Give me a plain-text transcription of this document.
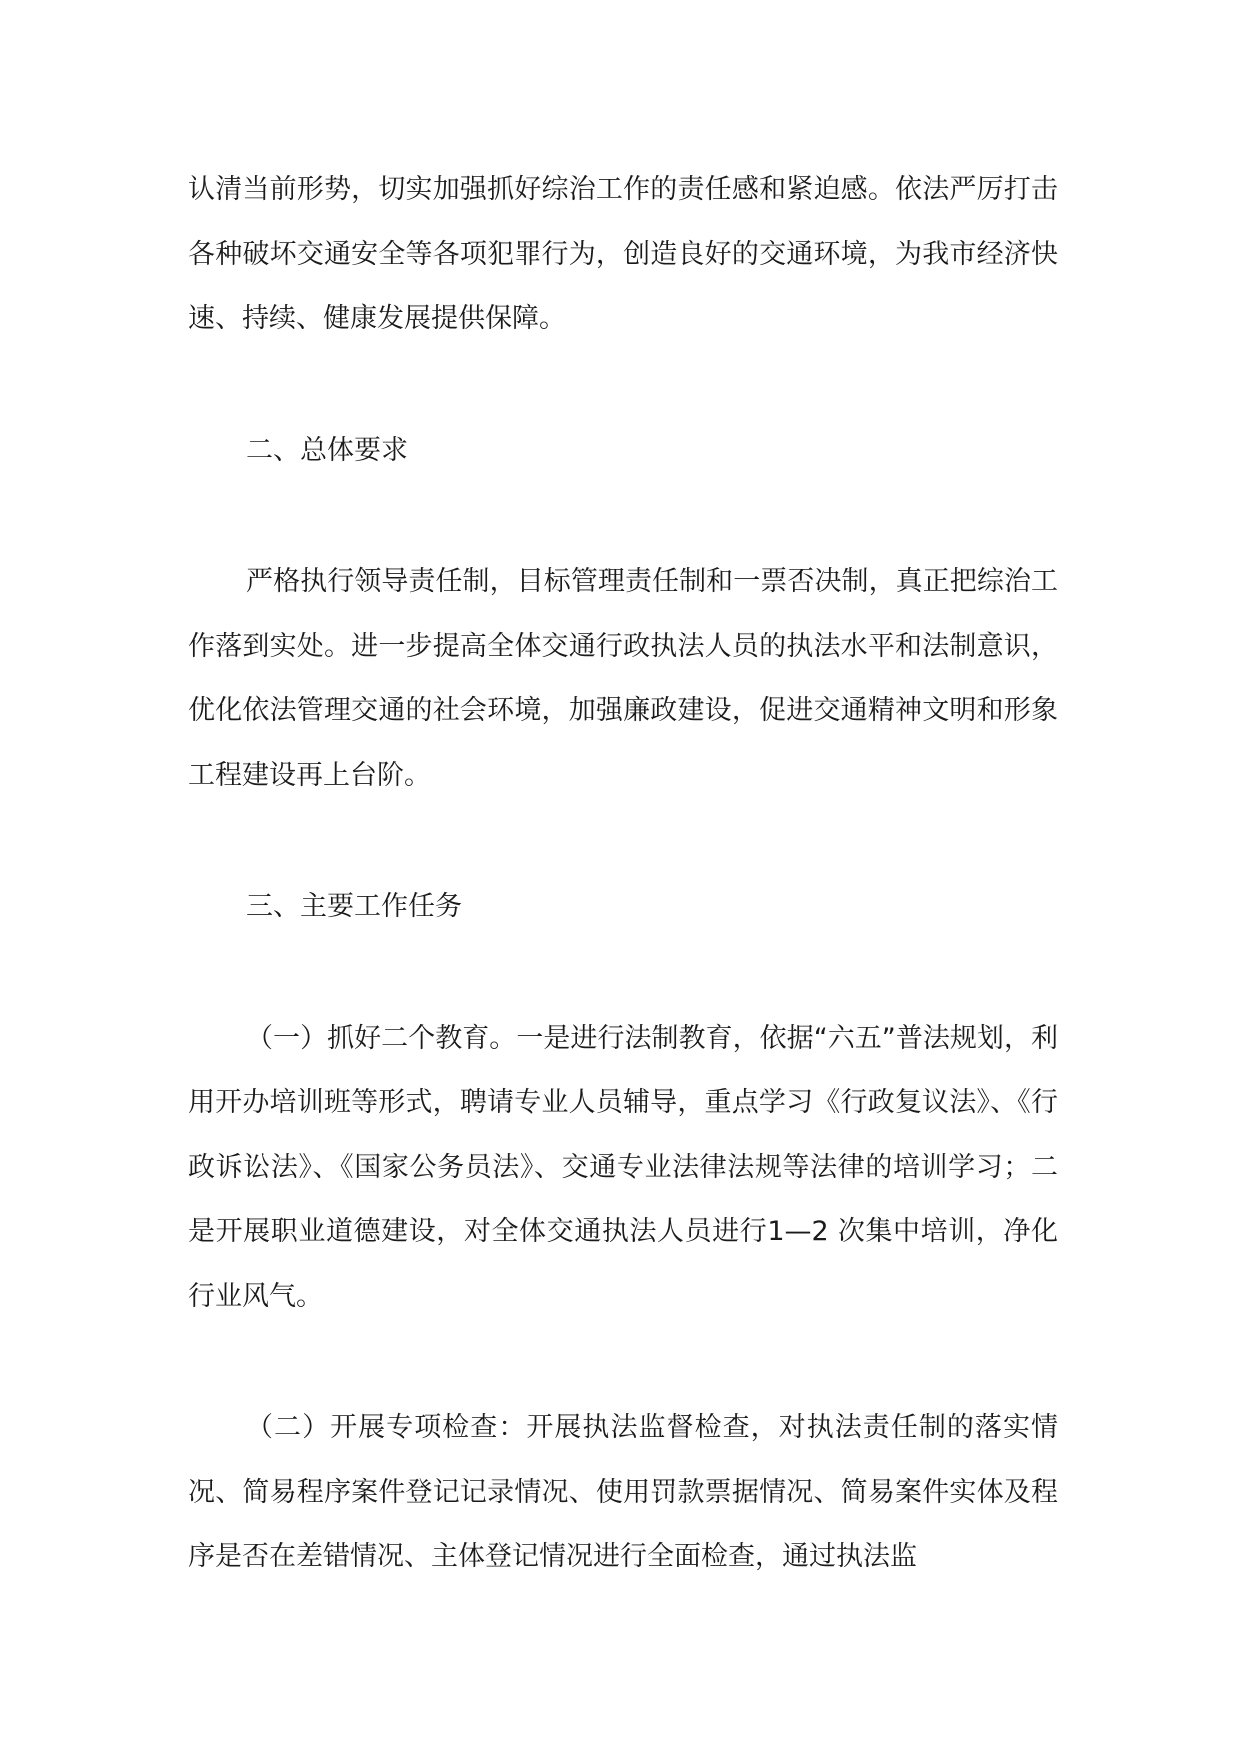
认清当前形势，切实加强抓好综治工作的责任感和紧迫感。依法严厉打击各种破坏交通安全等各项犯罪行为，创造良好的交通环境，为我市经济快速、持续、健康发展提供保障。

二、总体要求

严格执行领导责任制，目标管理责任制和一票否决制，真正把综治工作落到实处。进一步提高全体交通行政执法人员的执法水平和法制意识，优化依法管理交通的社会环境，加强廉政建设，促进交通精神文明和形象工程建设再上台阶。

三、主要工作任务

（一）抓好二个教育。一是进行法制教育，依据“六五”普法规划，利用开办培训班等形式，聘请专业人员辅导，重点学习《行政复议法》、《行政诉讼法》、《国家公务员法》、交通专业法律法规等法律的培训学习；二是开展职业道德建设，对全体交通执法人员进行1—2 次集中培训，净化行业风气。

（二）开展专项检查：开展执法监督检查，对执法责任制的落实情况、简易程序案件登记记录情况、使用罚款票据情况、简易案件实体及程序是否在差错情况、主体登记情况进行全面检查，通过执法监
